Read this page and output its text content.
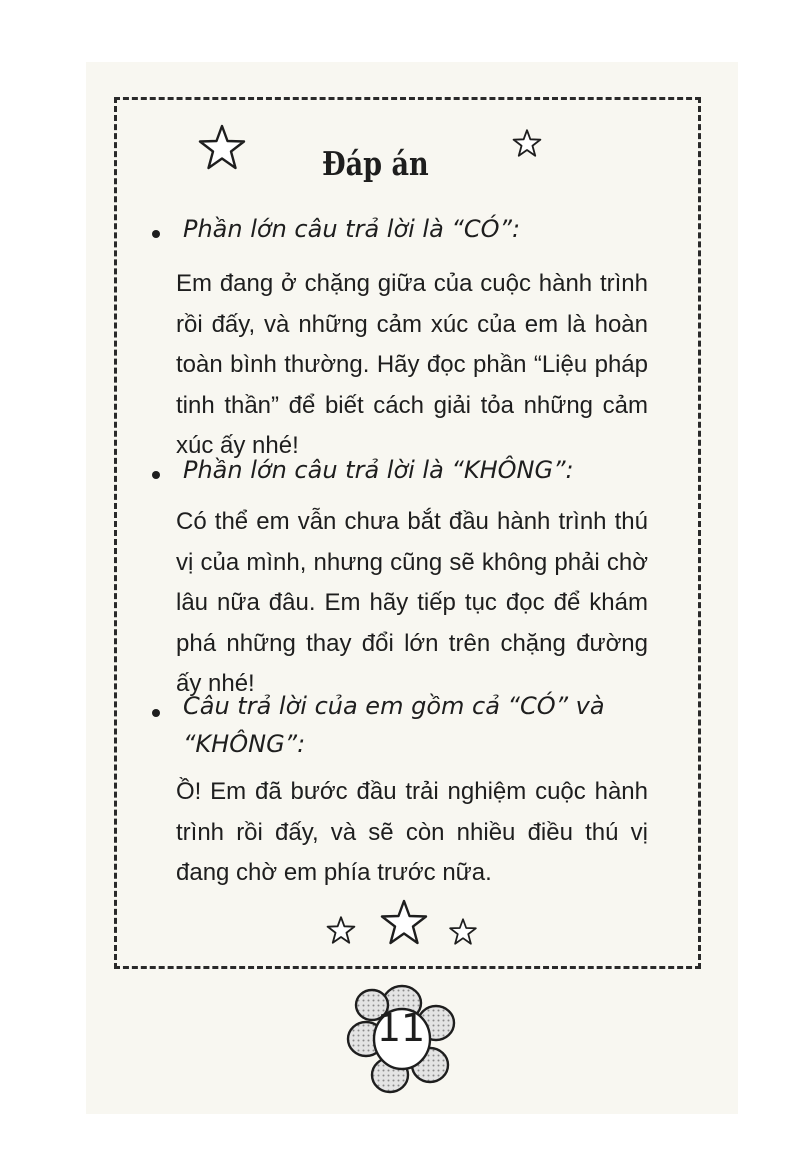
Đáp án

Phần lớn câu trả lời là “CÓ”:

Em đang ở chặng giữa của cuộc hành trình rồi đấy, và những cảm xúc của em là hoàn toàn bình thường. Hãy đọc phần “Liệu pháp tinh thần” để biết cách giải tỏa những cảm xúc ấy nhé!

Phần lớn câu trả lời là “KHÔNG”:

Có thể em vẫn chưa bắt đầu hành trình thú vị của mình, nhưng cũng sẽ không phải chờ lâu nữa đâu. Em hãy tiếp tục đọc để khám phá những thay đổi lớn trên chặng đường ấy nhé!

Câu trả lời của em gồm cả “CÓ” và

“KHÔNG”:

Ồ! Em đã bước đầu trải nghiệm cuộc hành trình rồi đấy, và sẽ còn nhiều điều thú vị đang chờ em phía trước nữa.

11
